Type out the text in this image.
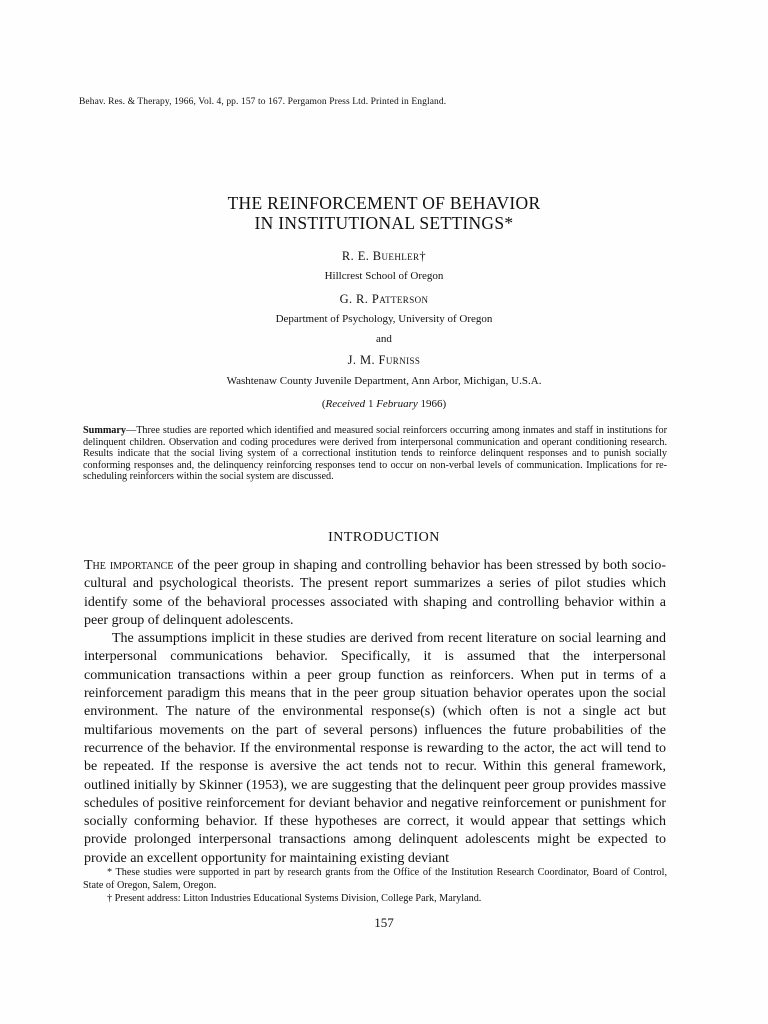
Behav. Res. & Therapy, 1966, Vol. 4, pp. 157 to 167. Pergamon Press Ltd. Printed in England.
THE REINFORCEMENT OF BEHAVIOR
IN INSTITUTIONAL SETTINGS*
R. E. Buehler†
Hillcrest School of Oregon
G. R. Patterson
Department of Psychology, University of Oregon
and
J. M. Furniss
Washtenaw County Juvenile Department, Ann Arbor, Michigan, U.S.A.
(Received 1 February 1966)
Summary—Three studies are reported which identified and measured social reinforcers occurring among inmates and staff in institutions for delinquent children. Observation and coding procedures were derived from interpersonal communication and operant conditioning research. Results indicate that the social living system of a correctional institution tends to reinforce delinquent responses and to punish socially conforming responses and, the delinquency reinforcing responses tend to occur on non-verbal levels of communication. Implications for re-scheduling reinforcers within the social system are discussed.
INTRODUCTION

The importance of the peer group in shaping and controlling behavior has been stressed by both socio-cultural and psychological theorists. The present report summarizes a series of pilot studies which identify some of the behavioral processes associated with shaping and controlling behavior within a peer group of delinquent adolescents.

The assumptions implicit in these studies are derived from recent literature on social learning and interpersonal communications behavior. Specifically, it is assumed that the interpersonal communication transactions within a peer group function as reinforcers. When put in terms of a reinforcement paradigm this means that in the peer group situation behavior operates upon the social environment. The nature of the environmental response(s) (which often is not a single act but multifarious movements on the part of several persons) influences the future probabilities of the recurrence of the behavior. If the environmental response is rewarding to the actor, the act will tend to be repeated. If the response is aversive the act tends not to recur. Within this general framework, outlined initially by Skinner (1953), we are suggesting that the delinquent peer group provides massive schedules of positive reinforcement for deviant behavior and negative reinforcement or punishment for socially conforming behavior. If these hypotheses are correct, it would appear that settings which provide prolonged interpersonal transactions among delinquent adolescents might be expected to provide an excellent opportunity for maintaining existing deviant

* These studies were supported in part by research grants from the Office of the Institution Research Coordinator, Board of Control, State of Oregon, Salem, Oregon.

† Present address: Litton Industries Educational Systems Division, College Park, Maryland.

157
